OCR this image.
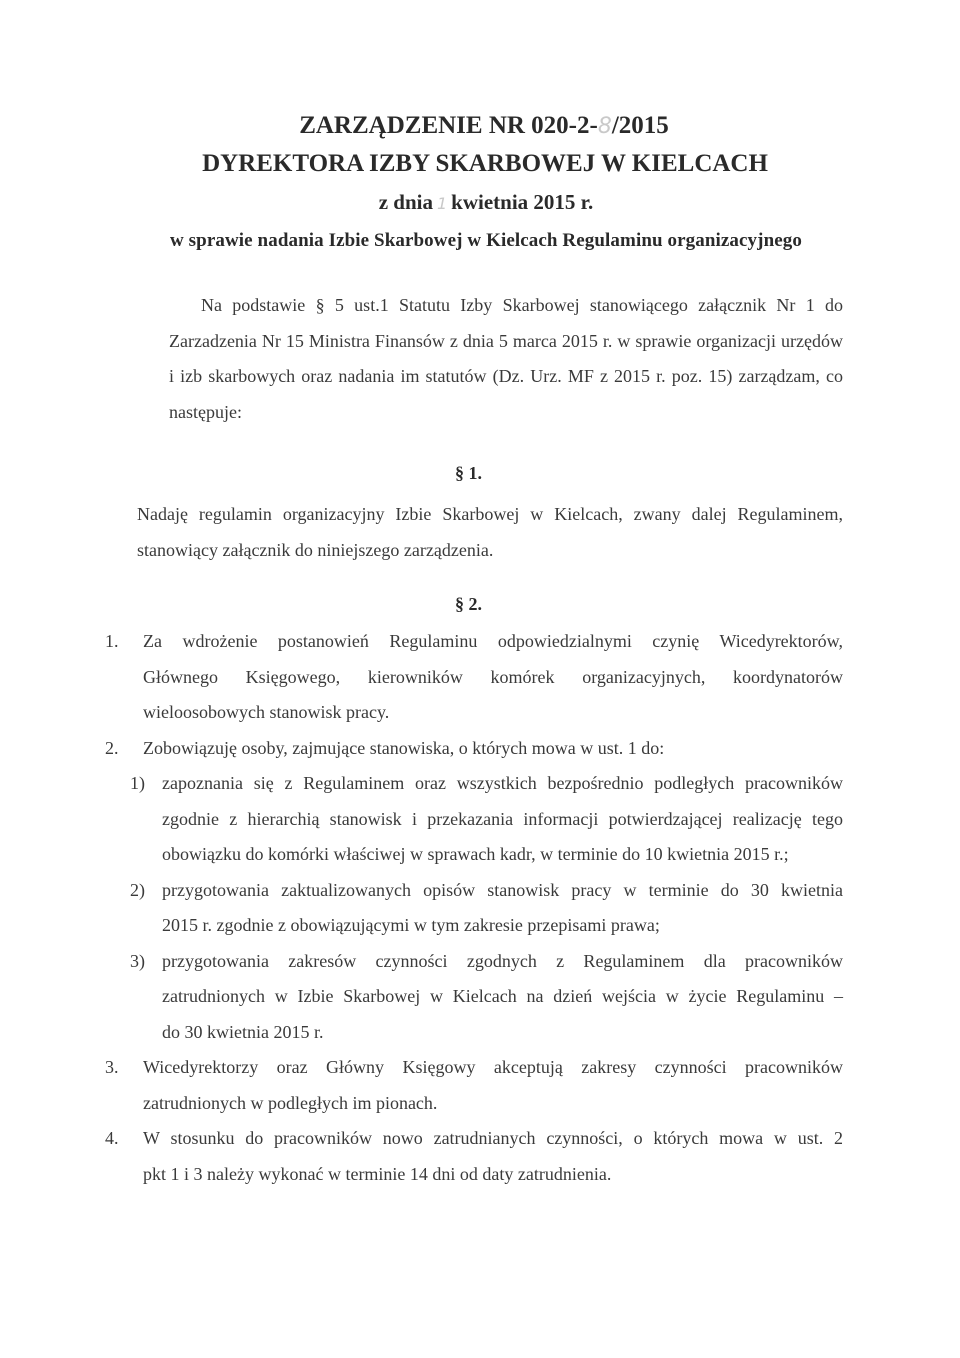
ZARZĄDZENIE NR 020-2-8/2015
DYREKTORA IZBY SKARBOWEJ W KIELCACH
z dnia 1 kwietnia 2015 r.
w sprawie nadania Izbie Skarbowej w Kielcach Regulaminu organizacyjnego
Na podstawie § 5 ust.1 Statutu Izby Skarbowej stanowiącego załącznik Nr 1 do
Zarzadzenia Nr 15 Ministra Finansów z dnia 5 marca 2015 r. w sprawie organizacji urzędów
i izb skarbowych oraz nadania im statutów (Dz. Urz. MF z 2015 r. poz. 15) zarządzam, co
następuje:
§ 1.
Nadaję regulamin organizacyjny Izbie Skarbowej w Kielcach, zwany dalej Regulaminem,
stanowiący załącznik do niniejszego zarządzenia.
§ 2.
1. Za wdrożenie postanowień Regulaminu odpowiedzialnymi czynię Wicedyrektorów,
Głównego Księgowego, kierowników komórek organizacyjnych, koordynatorów
wieloosobowych stanowisk pracy.
2. Zobowiązuję osoby, zajmujące stanowiska, o których mowa w ust. 1 do:
1) zapoznania się z Regulaminem oraz wszystkich bezpośrednio podległych pracowników
zgodnie z hierarchią stanowisk i przekazania informacji potwierdzającej realizację tego
obowiązku do komórki właściwej w sprawach kadr, w terminie do 10 kwietnia 2015 r.;
2) przygotowania zaktualizowanych opisów stanowisk pracy w terminie do 30 kwietnia
2015 r. zgodnie z obowiązującymi w tym zakresie przepisami prawa;
3) przygotowania zakresów czynności zgodnych z Regulaminem dla pracowników
zatrudnionych w Izbie Skarbowej w Kielcach na dzień wejścia w życie Regulaminu –
do 30 kwietnia 2015 r.
3. Wicedyrektorzy oraz Główny Księgowy akceptują zakresy czynności pracowników
zatrudnionych w podległych im pionach.
4. W stosunku do pracowników nowo zatrudnianych czynności, o których mowa w ust. 2
pkt 1 i 3 należy wykonać w terminie 14 dni od daty zatrudnienia.
